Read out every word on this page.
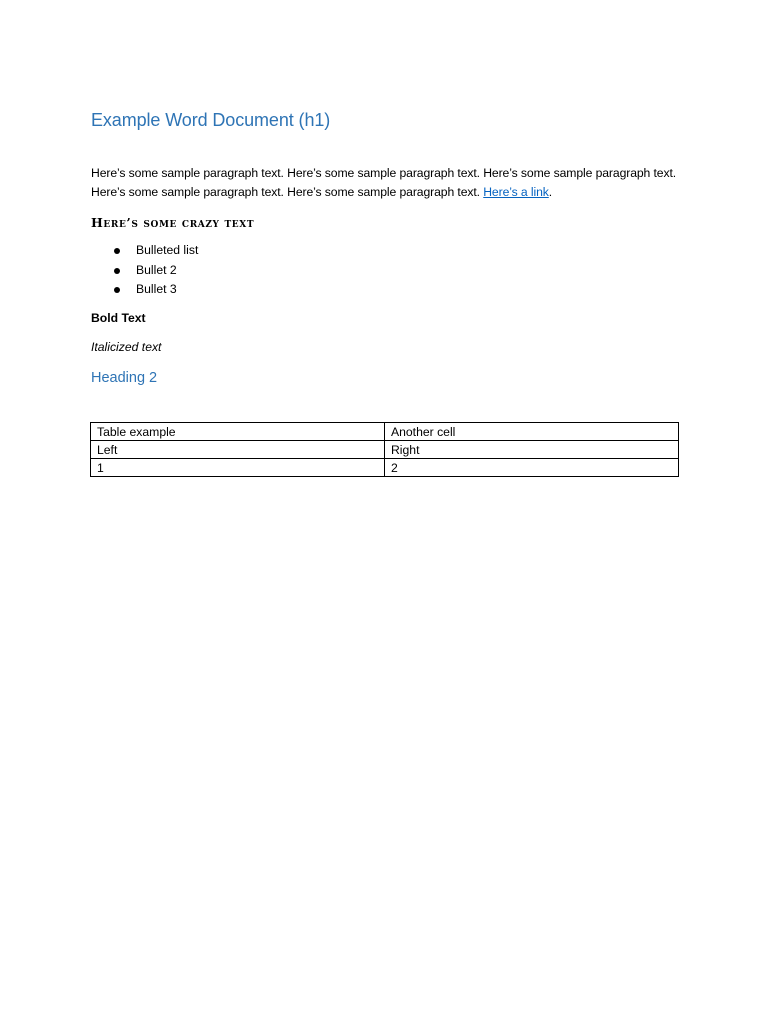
Example Word Document (h1)

Here’s some sample paragraph text. Here’s some sample paragraph text. Here’s some sample paragraph text. Here’s some sample paragraph text. Here’s some sample paragraph text. Here’s a link.

Here’s some crazy text

Bulleted list
Bullet 2
Bullet 3

Bold Text

Italicized text

Heading 2
Table example	Another cell
Left	Right
1	2
